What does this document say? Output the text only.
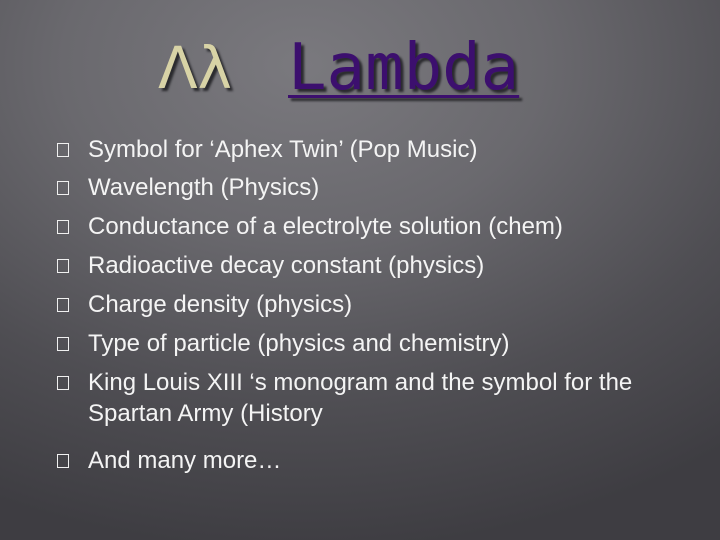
Λλ Lambda
Symbol for ‘Aphex Twin’ (Pop Music)
Wavelength (Physics)
Conductance of a electrolyte solution (chem)
Radioactive decay constant (physics)
Charge density (physics)
Type of particle (physics and chemistry)
King Louis XIII ‘s monogram and the symbol for the Spartan Army (History
And many more…
